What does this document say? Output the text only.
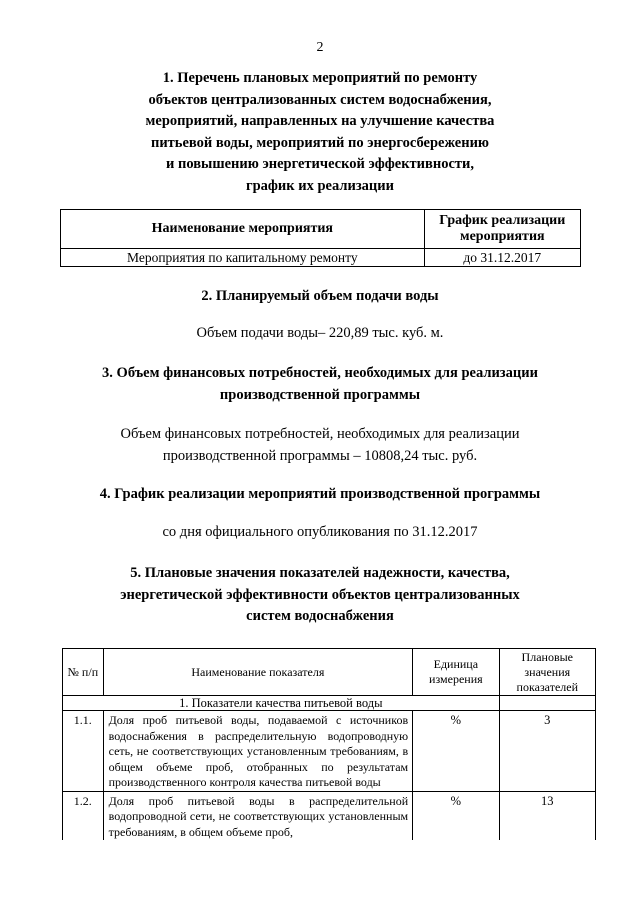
2
1. Перечень плановых мероприятий по ремонту
объектов централизованных систем водоснабжения,
мероприятий, направленных на улучшение качества
питьевой воды, мероприятий по энергосбережению
и повышению энергетической эффективности,
график их реализации
Наименование мероприятия	График реализации мероприятия
Мероприятия по капитальному ремонту	до 31.12.2017
2. Планируемый объем подачи воды
Объем подачи воды– 220,89 тыс. куб. м.
3. Объем финансовых потребностей, необходимых для реализации
производственной программы
Объем финансовых потребностей, необходимых для реализации
производственной программы – 10808,24 тыс. руб.
4. График реализации мероприятий производственной программы
со дня официального опубликования по 31.12.2017
5. Плановые значения показателей надежности, качества,
энергетической эффективности объектов централизованных
систем водоснабжения
№ п/п	Наименование показателя	Единица измерения	Плановые значения показателей
1. Показатели качества питьевой воды			
1.1.	Доля проб питьевой воды, подаваемой с источников водоснабжения в распределительную водопроводную сеть, не соответствующих установленным требованиям, в общем объеме проб, отобранных по результатам производственного контроля качества питьевой воды	%	3
1.2.	Доля проб питьевой воды в распределительной водопроводной сети, не соответствующих установленным требованиям, в общем объеме проб,	%	13
